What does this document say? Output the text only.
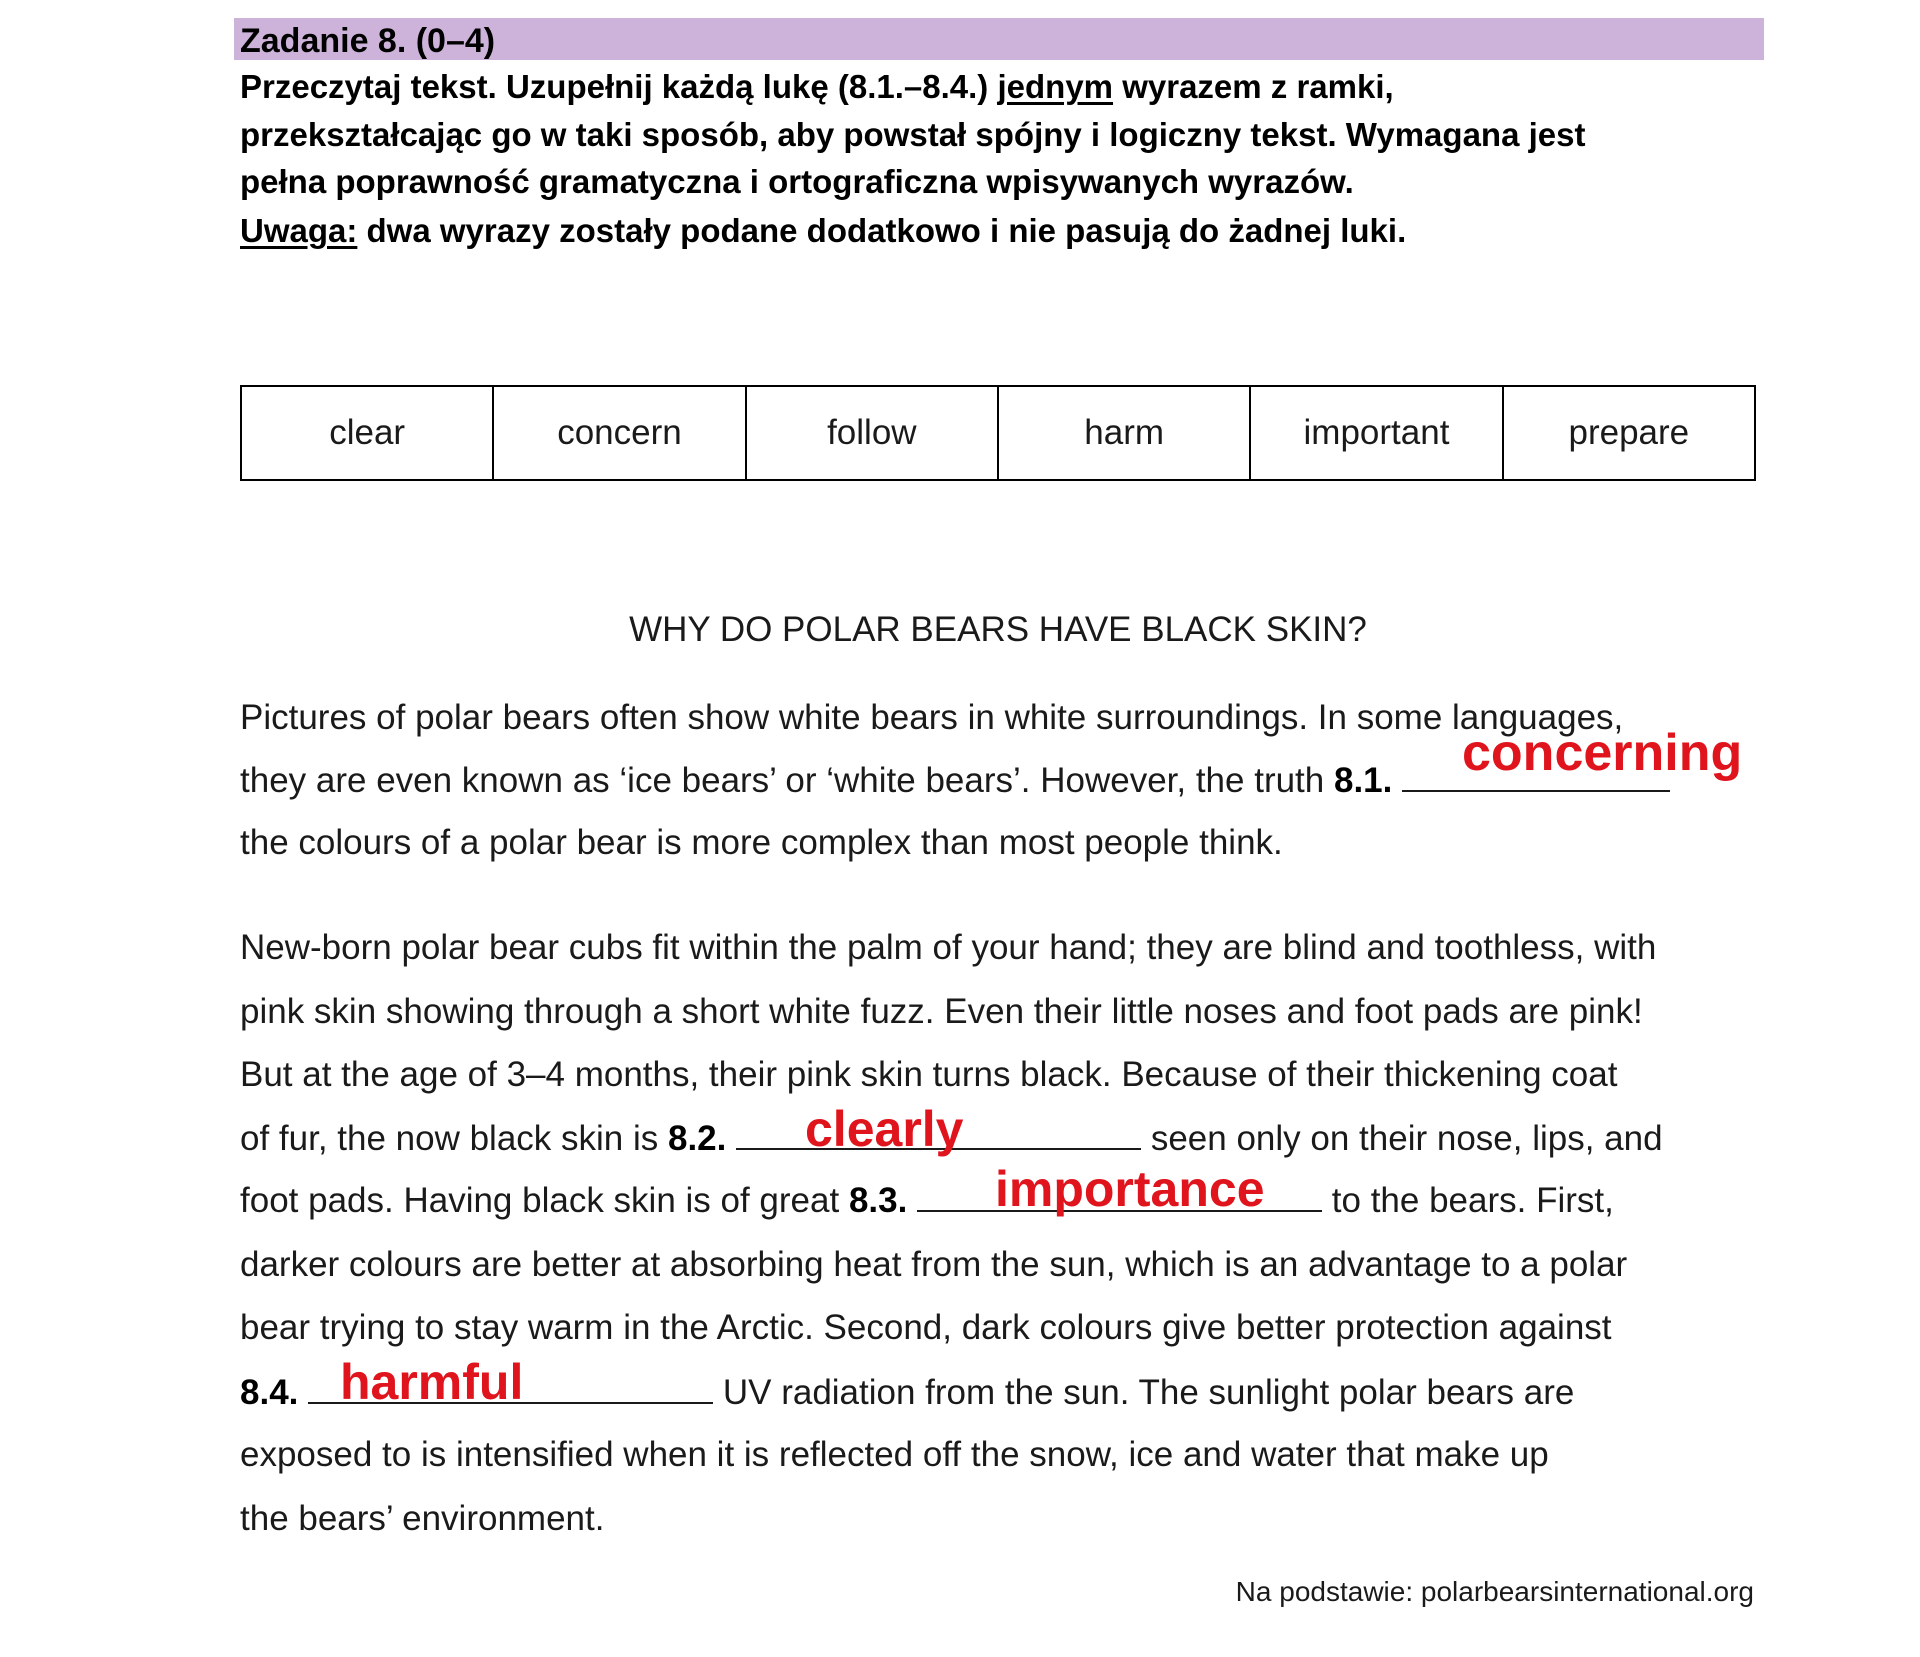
Zadanie 8. (0–4)
Przeczytaj tekst. Uzupełnij każdą lukę (8.1.–8.4.) jednym wyrazem z ramki,
przekształcając go w taki sposób, aby powstał spójny i logiczny tekst. Wymagana jest
pełna poprawność gramatyczna i ortograficzna wpisywanych wyrazów.
Uwaga: dwa wyrazy zostały podane dodatkowo i nie pasują do żadnej luki.
clear	concern	follow	harm	important	prepare
WHY DO POLAR BEARS HAVE BLACK SKIN?
Pictures of polar bears often show white bears in white surroundings. In some languages,
they are even known as ‘ice bears’ or ‘white bears’. However, the truth 8.1.	concerning
the colours of a polar bear is more complex than most people think.
New-born polar bear cubs fit within the palm of your hand; they are blind and toothless, with
pink skin showing through a short white fuzz. Even their little noses and foot pads are pink!
But at the age of 3–4 months, their pink skin turns black. Because of their thickening coat
of fur, the now black skin is 8.2.	seen only on their nose, lips, and
clearly
foot pads. Having black skin is of great 8.3.	to the bears. First,
importance
darker colours are better at absorbing heat from the sun, which is an advantage to a polar
bear trying to stay warm in the Arctic. Second, dark colours give better protection against
8.4.	UV radiation from the sun. The sunlight polar bears are
harmful
exposed to is intensified when it is reflected off the snow, ice and water that make up
the bears’ environment.
Na podstawie: polarbearsinternational.org
